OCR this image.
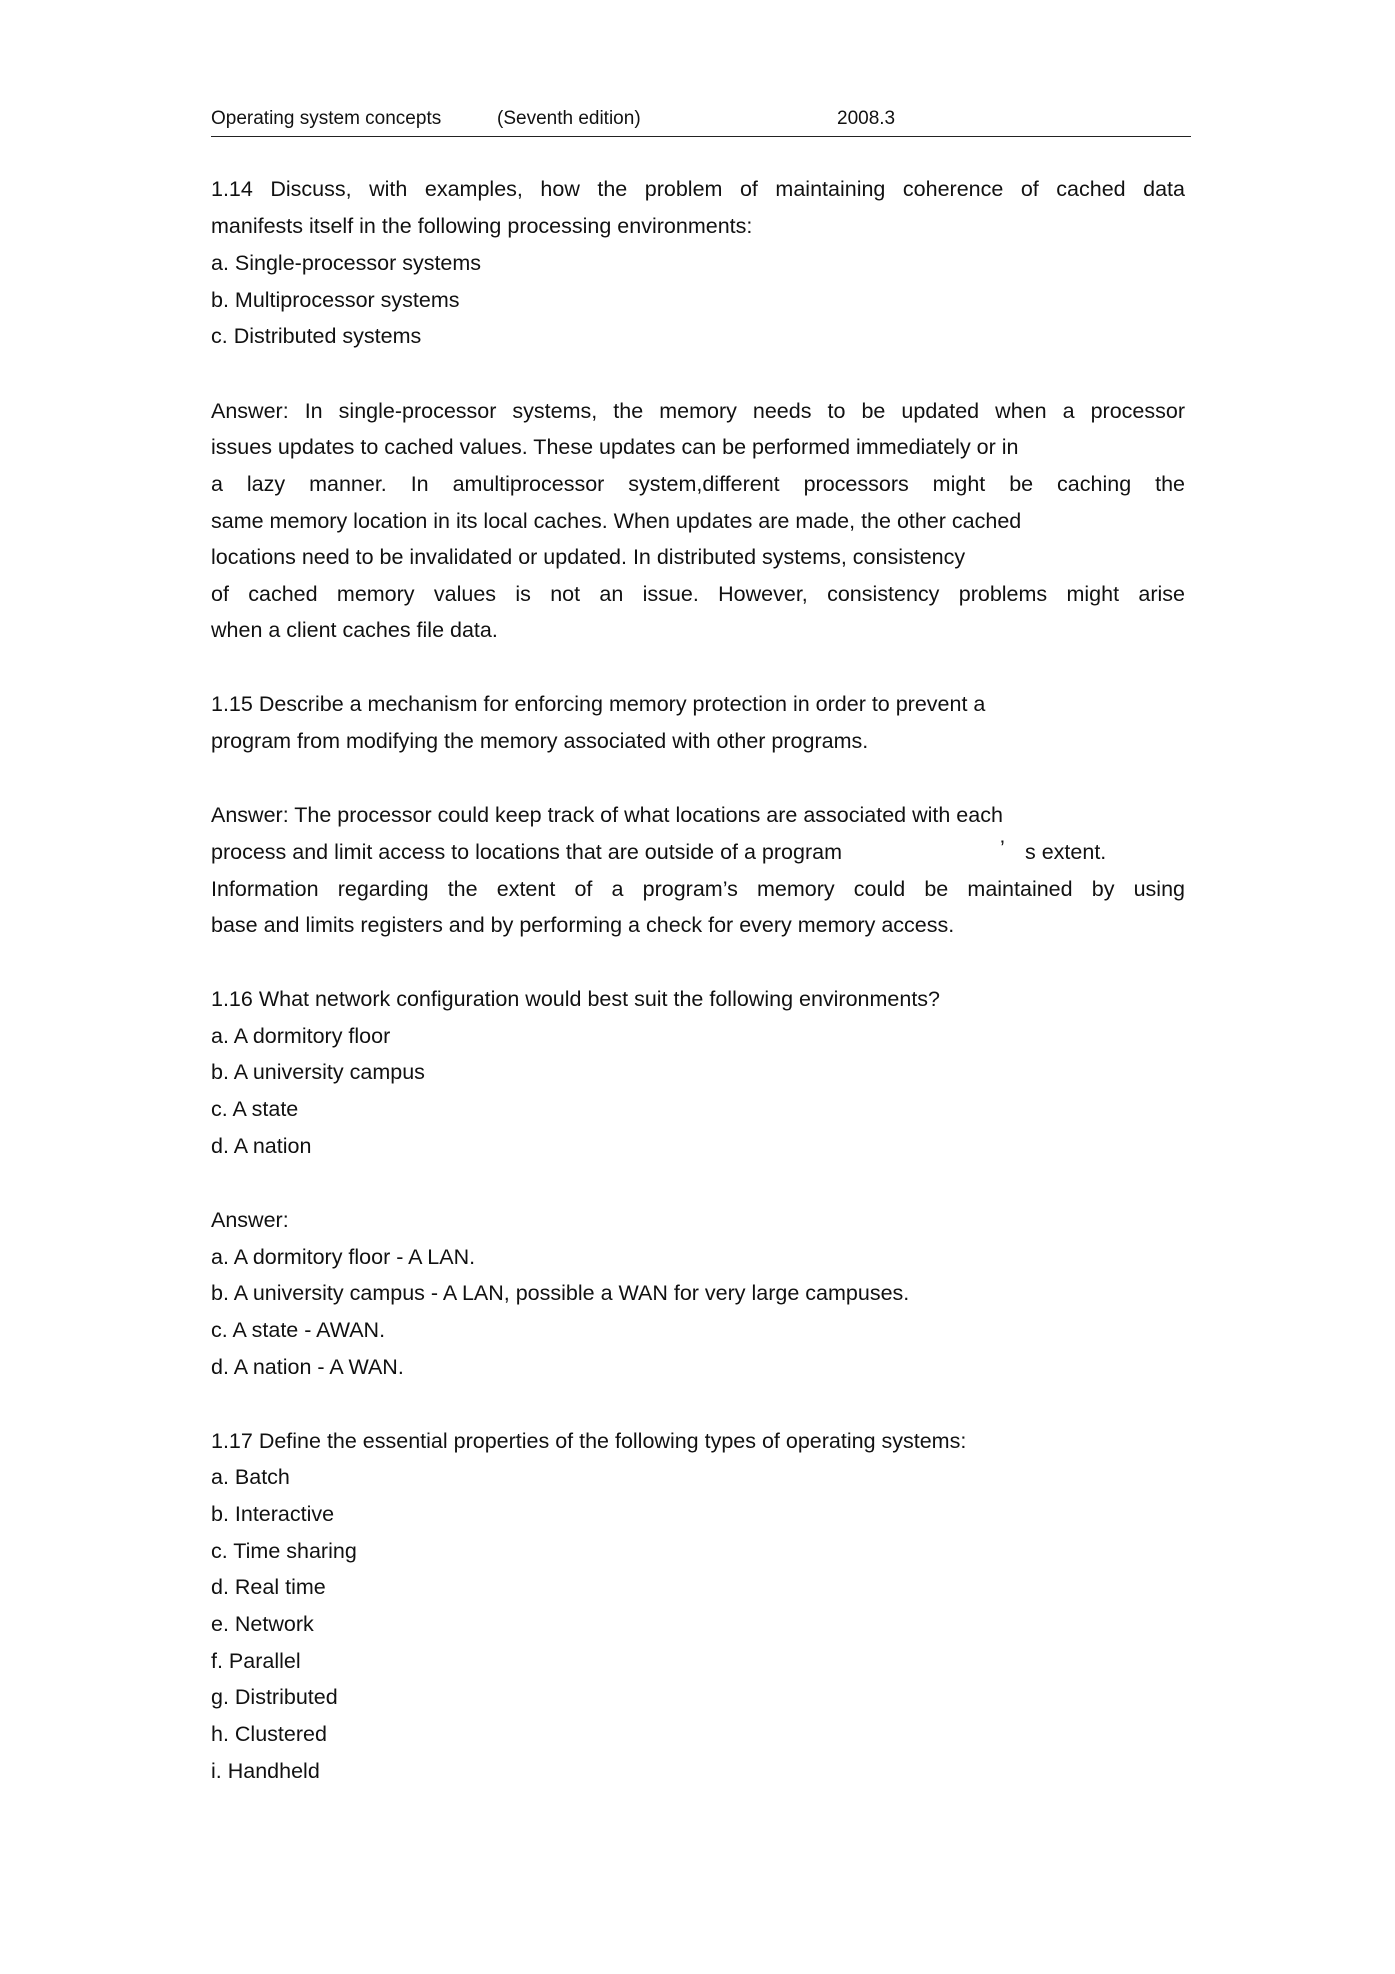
Operating system concepts	(Seventh edition)	2008.3
1.14 Discuss, with examples, how the problem of maintaining coherence of cached data
manifests itself in the following processing environments:
a. Single-processor systems
b. Multiprocessor systems
c. Distributed systems
Answer: In single-processor systems, the memory needs to be updated when a processor
issues updates to cached values. These updates can be performed immediately or in
a lazy manner. In amultiprocessor system,different processors might be caching the
same memory location in its local caches. When updates are made, the other cached
locations need to be invalidated or updated. In distributed systems, consistency
of cached memory values is not an issue. However, consistency problems might arise
when a client caches file data.
1.15 Describe a mechanism for enforcing memory protection in order to prevent a
program from modifying the memory associated with other programs.
Answer: The processor could keep track of what locations are associated with each
process and limit access to locations that are outside of a program	’ s extent.
Information regarding the extent of a program’s memory could be maintained by using
base and limits registers and by performing a check for every memory access.
1.16 What network configuration would best suit the following environments?
a. A dormitory floor
b. A university campus
c. A state
d. A nation
Answer:
a. A dormitory floor - A LAN.
b. A university campus - A LAN, possible a WAN for very large campuses.
c. A state - AWAN.
d. A nation - A WAN.
1.17 Define the essential properties of the following types of operating systems:
a. Batch
b. Interactive
c. Time sharing
d. Real time
e. Network
f. Parallel
g. Distributed
h. Clustered
i. Handheld
